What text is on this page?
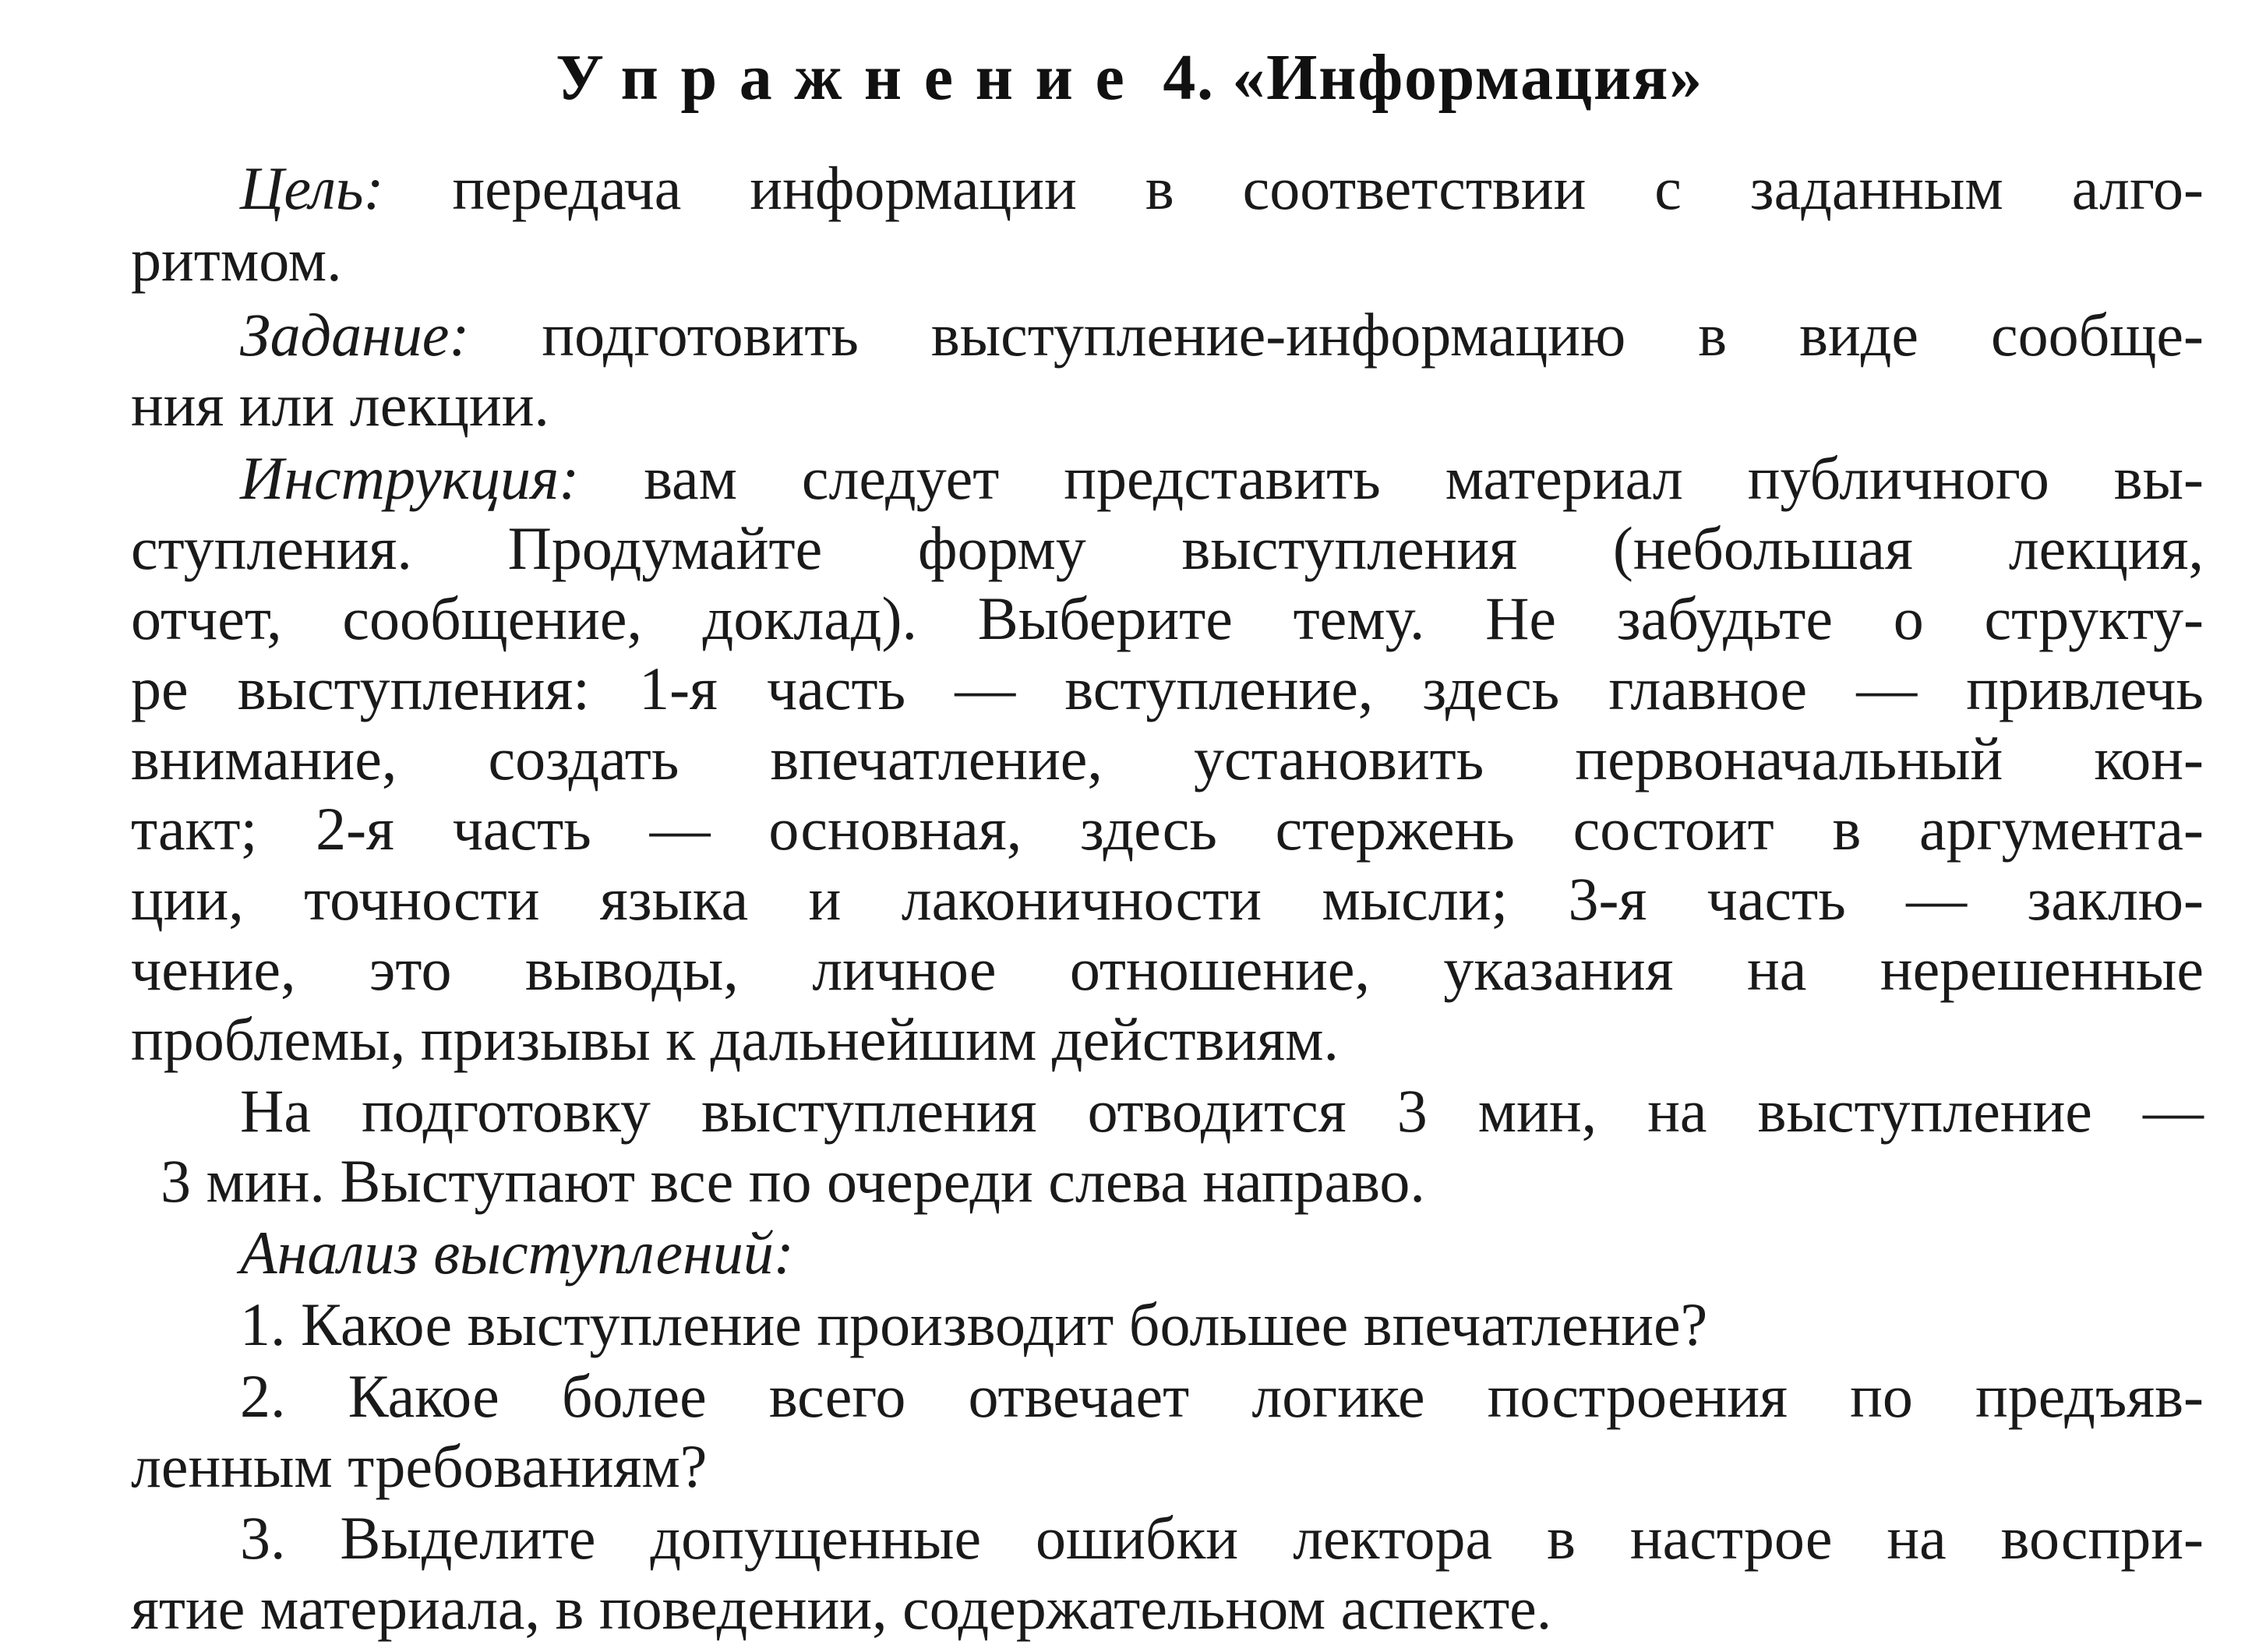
Упражнение 4. «Информация»
Цель: передача информации в соответствии с заданным алго-
ритмом.
Задание: подготовить выступление-информацию в виде сообще-
ния или лекции.
Инструкция: вам следует представить материал публичного вы-
ступления. Продумайте форму выступления (небольшая лекция,
отчет, сообщение, доклад). Выберите тему. Не забудьте о структу-
ре выступления: 1-я часть — вступление, здесь главное — привлечь
внимание, создать впечатление, установить первоначальный кон-
такт; 2-я часть — основная, здесь стержень состоит в аргумента-
ции, точности языка и лаконичности мысли; 3-я часть — заклю-
чение, это выводы, личное отношение, указания на нерешенные
проблемы, призывы к дальнейшим действиям.
На подготовку выступления отводится 3 мин, на выступление —
3 мин. Выступают все по очереди слева направо.
Анализ выступлений:
1. Какое выступление производит большее впечатление?
2. Какое более всего отвечает логике построения по предъяв-
ленным требованиям?
3. Выделите допущенные ошибки лектора в настрое на воспри-
ятие материала, в поведении, содержательном аспекте.
